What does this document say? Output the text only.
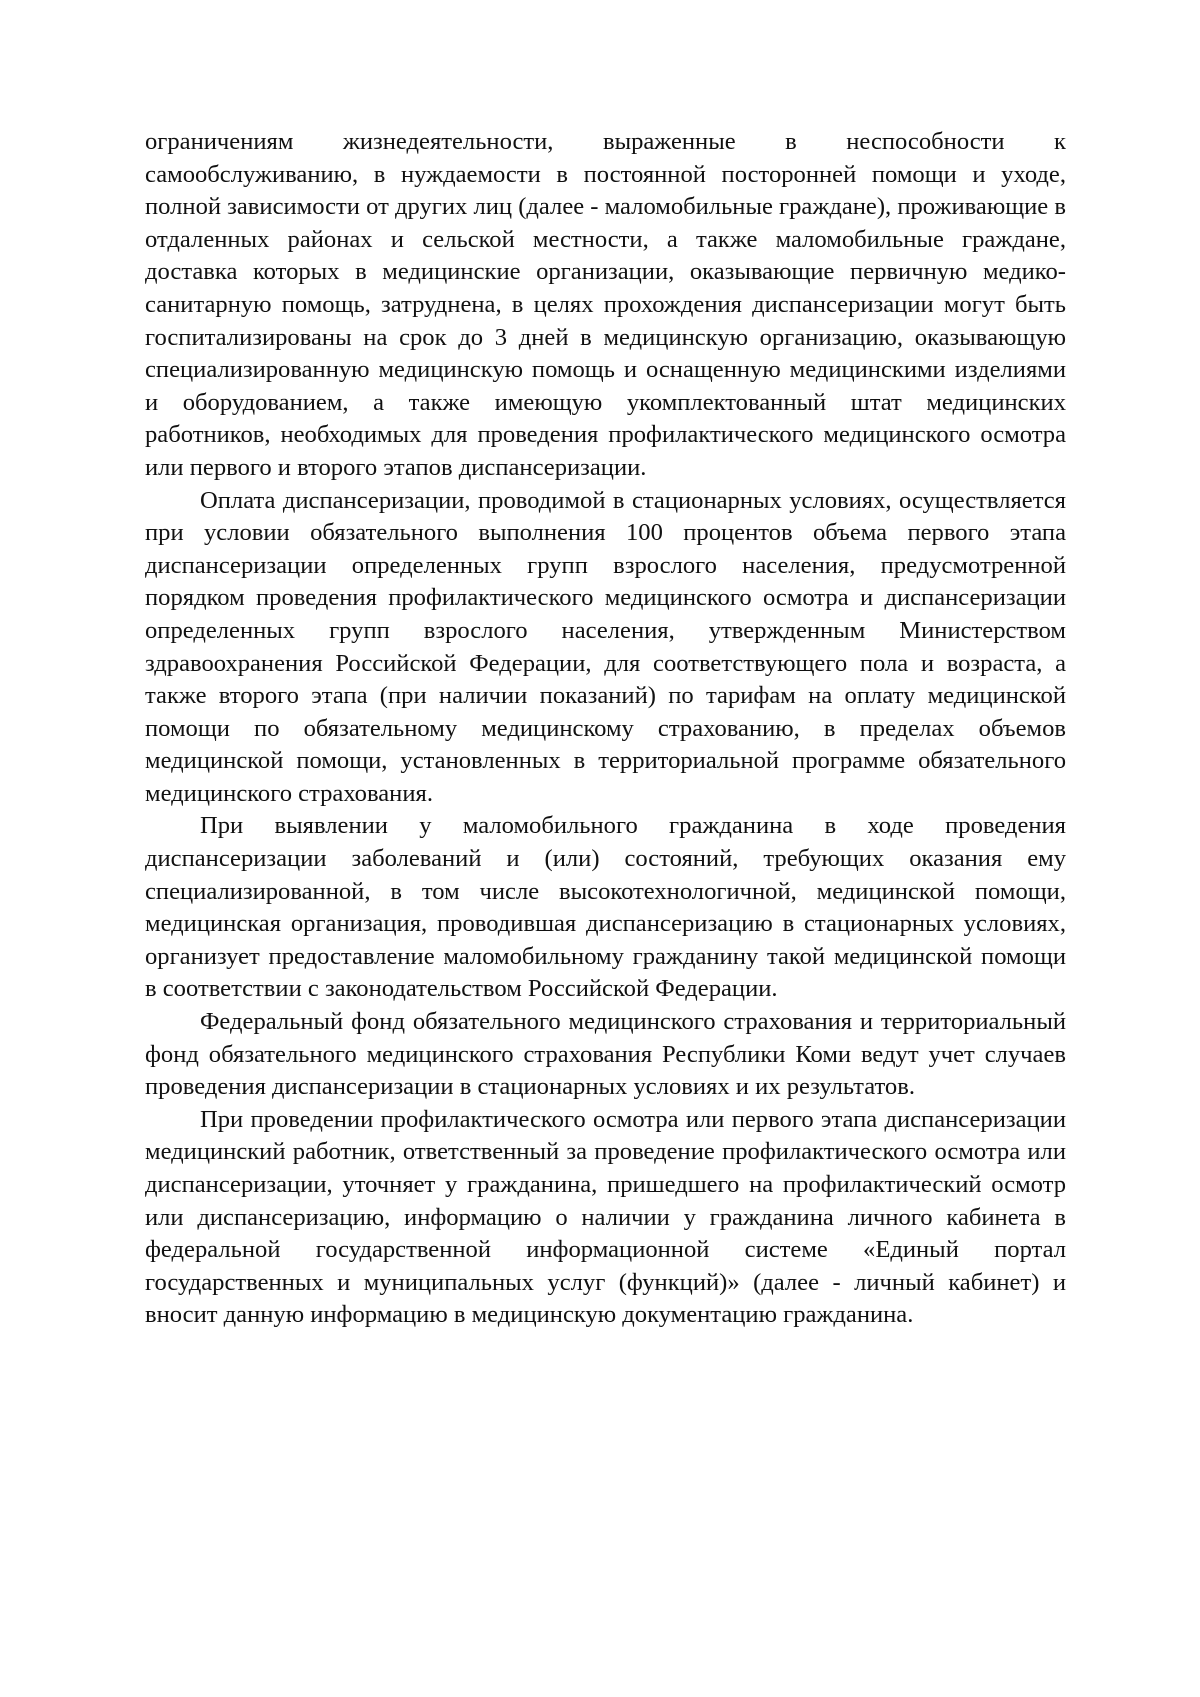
ограничениям жизнедеятельности, выраженные в неспособности к самообслуживанию, в нуждаемости в постоянной посторонней помощи и уходе, полной зависимости от других лиц (далее - маломобильные граждане), проживающие в отдаленных районах и сельской местности, а также маломобильные граждане, доставка которых в медицинские организации, оказывающие первичную медико-санитарную помощь, затруднена, в целях прохождения диспансеризации могут быть госпитализированы на срок до 3 дней в медицинскую организацию, оказывающую специализированную медицинскую помощь и оснащенную медицинскими изделиями и оборудованием, а также имеющую укомплектованный штат медицинских работников, необходимых для проведения профилактического медицинского осмотра или первого и второго этапов диспансеризации.

Оплата диспансеризации, проводимой в стационарных условиях, осуществляется при условии обязательного выполнения 100 процентов объема первого этапа диспансеризации определенных групп взрослого населения, предусмотренной порядком проведения профилактического медицинского осмотра и диспансеризации определенных групп взрослого населения, утвержденным Министерством здравоохранения Российской Федерации, для соответствующего пола и возраста, а также второго этапа (при наличии показаний) по тарифам на оплату медицинской помощи по обязательному медицинскому страхованию, в пределах объемов медицинской помощи, установленных в территориальной программе обязательного медицинского страхования.

При выявлении у маломобильного гражданина в ходе проведения диспансеризации заболеваний и (или) состояний, требующих оказания ему специализированной, в том числе высокотехнологичной, медицинской помощи, медицинская организация, проводившая диспансеризацию в стационарных условиях, организует предоставление маломобильному гражданину такой медицинской помощи в соответствии с законодательством Российской Федерации.

Федеральный фонд обязательного медицинского страхования и территориальный фонд обязательного медицинского страхования Республики Коми ведут учет случаев проведения диспансеризации в стационарных условиях и их результатов.

При проведении профилактического осмотра или первого этапа диспансеризации медицинский работник, ответственный за проведение профилактического осмотра или диспансеризации, уточняет у гражданина, пришедшего на профилактический осмотр или диспансеризацию, информацию о наличии у гражданина личного кабинета в федеральной государственной информационной системе «Единый портал государственных и муниципальных услуг (функций)» (далее - личный кабинет) и вносит данную информацию в медицинскую документацию гражданина.
